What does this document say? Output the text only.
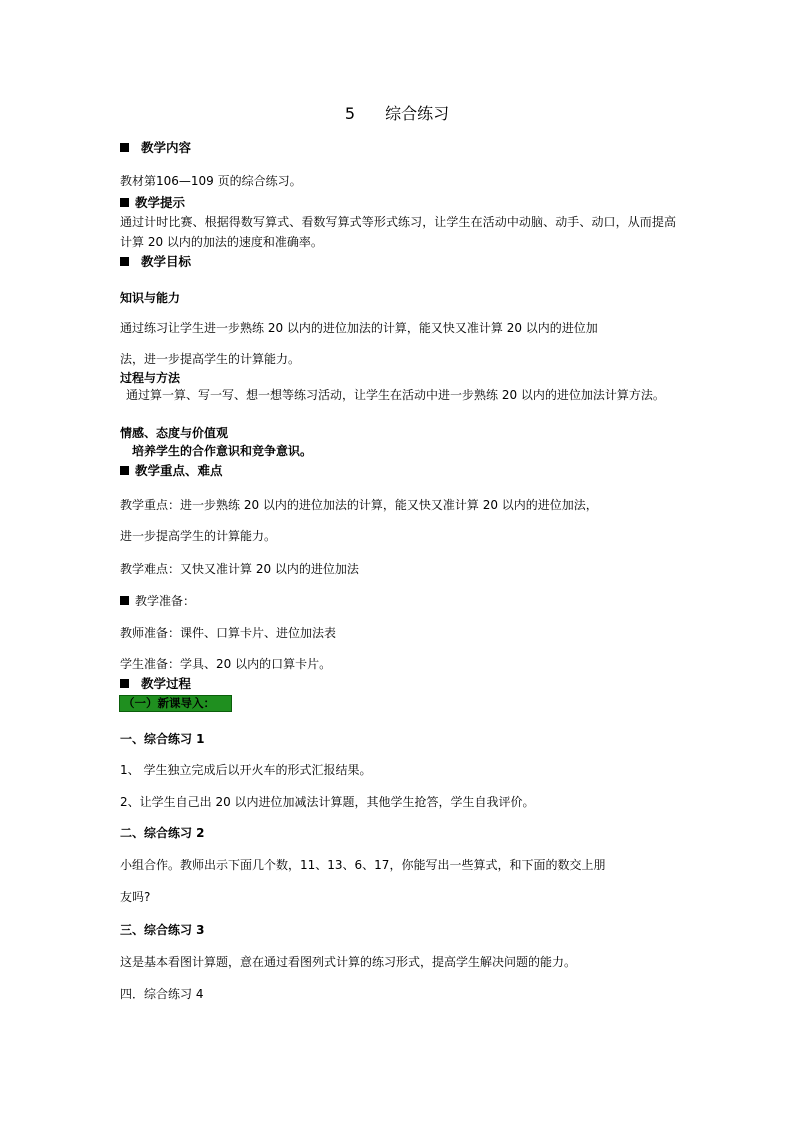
5 综合练习
教学内容
教材第106—109 页的综合练习。
教学提示
通过计时比赛、根据得数写算式、看数写算式等形式练习，让学生在活动中动脑、动手、动口，从而提高计算 20 以内的加法的速度和准确率。
教学目标
知识与能力
通过练习让学生进一步熟练 20 以内的进位加法的计算，能又快又准计算 20 以内的进位加
法，进一步提高学生的计算能力。
过程与方法
通过算一算、写一写、想一想等练习活动，让学生在活动中进一步熟练 20 以内的进位加法计算方法。
情感、态度与价值观
培养学生的合作意识和竞争意识。
教学重点、难点
教学重点：进一步熟练 20 以内的进位加法的计算，能又快又准计算 20 以内的进位加法，
进一步提高学生的计算能力。
教学难点：又快又准计算 20 以内的进位加法
教学准备：
教师准备：课件、口算卡片、进位加法表
学生准备：学具、20 以内的口算卡片。
教学过程
（一）新课导入：
一、综合练习 1
1、 学生独立完成后以开火车的形式汇报结果。
2、让学生自己出 20 以内进位加减法计算题，其他学生抢答，学生自我评价。
二、综合练习 2
小组合作。教师出示下面几个数，11、13、6、17，你能写出一些算式，和下面的数交上朋
友吗?
三、综合练习 3
这是基本看图计算题，意在通过看图列式计算的练习形式，提高学生解决问题的能力。
四．综合练习 4
